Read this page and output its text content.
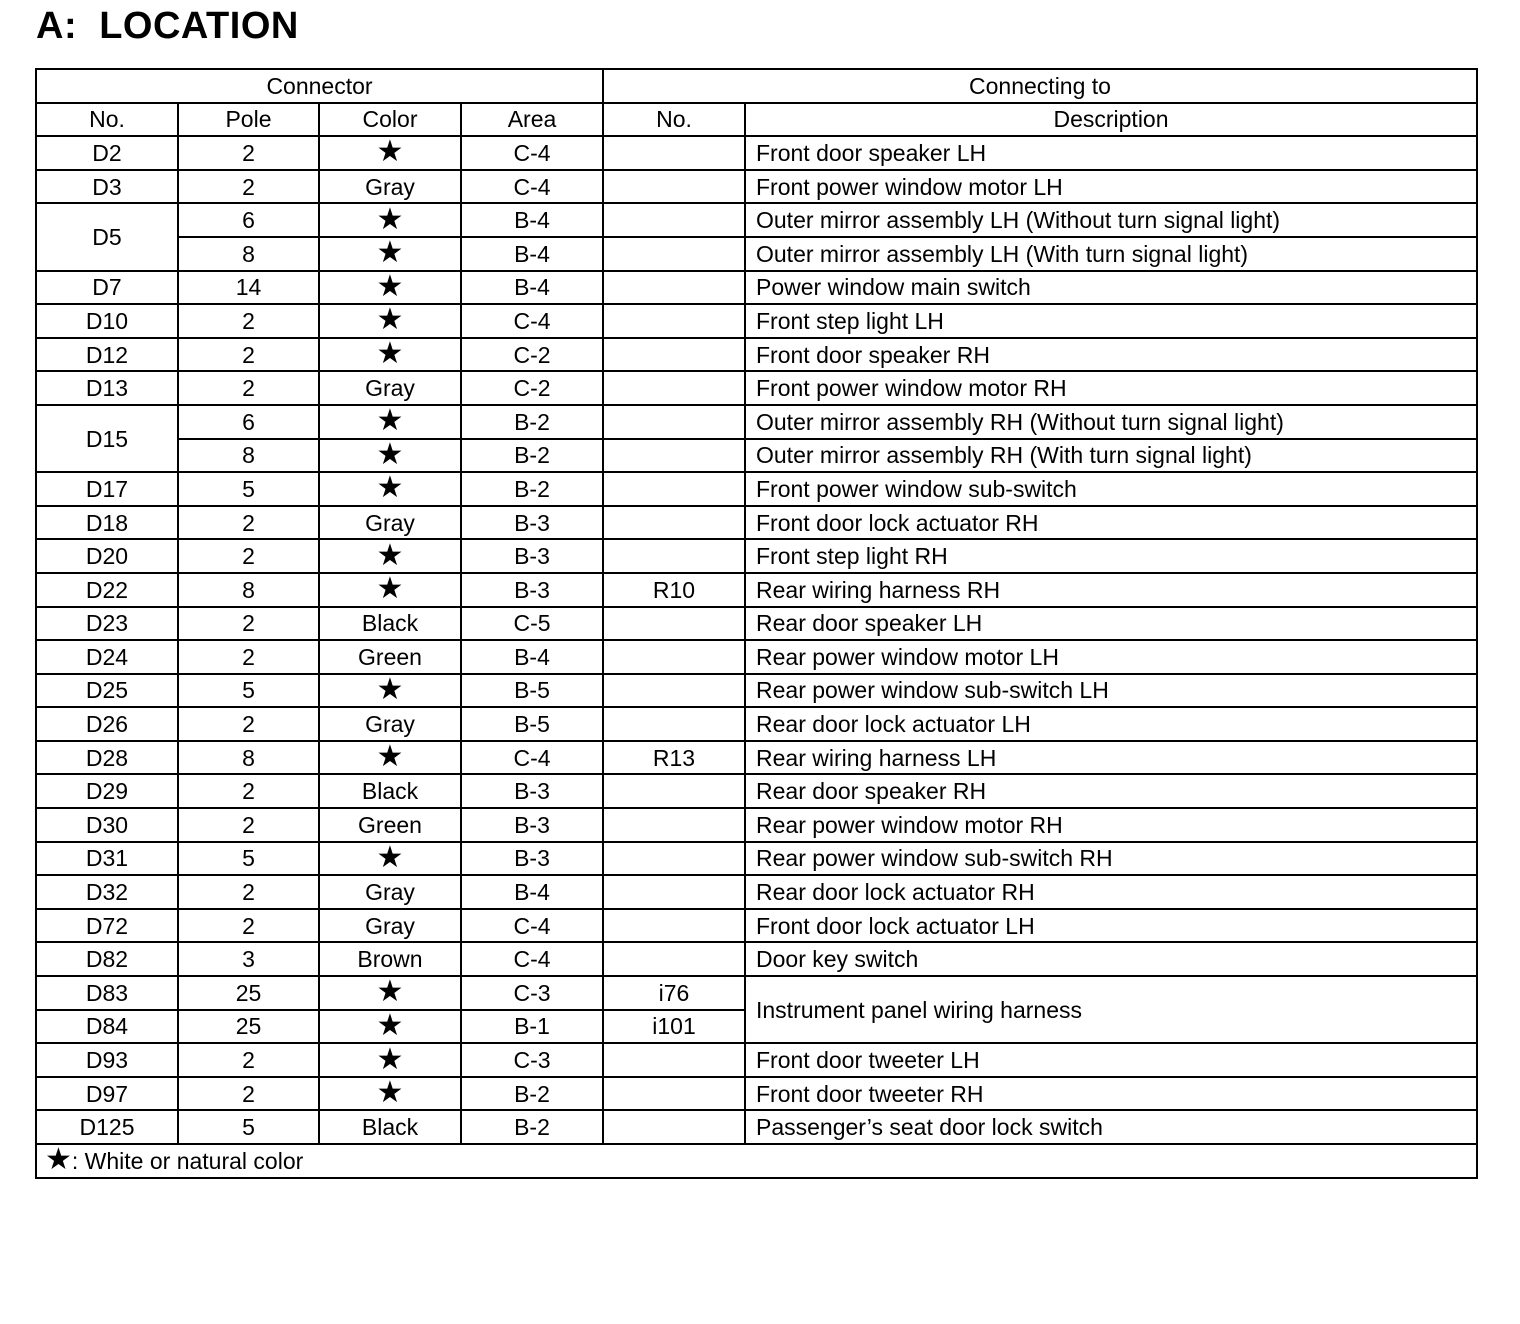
A:  LOCATION
Connector				Connecting to	
No.	Pole	Color	Area	No.	Description
D2	2	★	C-4		Front door speaker LH
D3	2	Gray	C-4		Front power window motor LH
D5	6	★	B-4		Outer mirror assembly LH (Without turn signal light)
	8	★	B-4		Outer mirror assembly LH (With turn signal light)
D7	14	★	B-4		Power window main switch
D10	2	★	C-4		Front step light LH
D12	2	★	C-2		Front door speaker RH
D13	2	Gray	C-2		Front power window motor RH
D15	6	★	B-2		Outer mirror assembly RH (Without turn signal light)
	8	★	B-2		Outer mirror assembly RH (With turn signal light)
D17	5	★	B-2		Front power window sub-switch
D18	2	Gray	B-3		Front door lock actuator RH
D20	2	★	B-3		Front step light RH
D22	8	★	B-3	R10	Rear wiring harness RH
D23	2	Black	C-5		Rear door speaker LH
D24	2	Green	B-4		Rear power window motor LH
D25	5	★	B-5		Rear power window sub-switch LH
D26	2	Gray	B-5		Rear door lock actuator LH
D28	8	★	C-4	R13	Rear wiring harness LH
D29	2	Black	B-3		Rear door speaker RH
D30	2	Green	B-3		Rear power window motor RH
D31	5	★	B-3		Rear power window sub-switch RH
D32	2	Gray	B-4		Rear door lock actuator RH
D72	2	Gray	C-4		Front door lock actuator LH
D82	3	Brown	C-4		Door key switch
D83	25	★	C-3	i76	Instrument panel wiring harness
D84	25	★	B-1	i101	
D93	2	★	C-3		Front door tweeter LH
D97	2	★	B-2		Front door tweeter RH
D125	5	Black	B-2		Passenger’s seat door lock switch
★: White or natural color					
